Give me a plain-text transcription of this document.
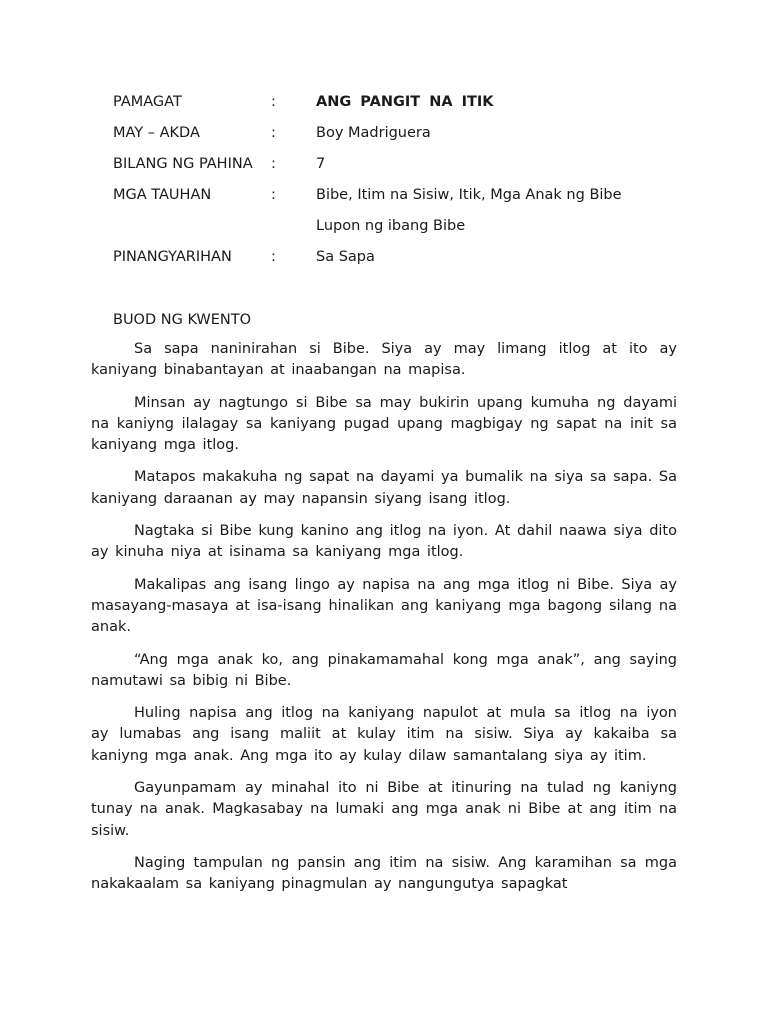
PAMAGAT	:	ANG PANGIT NA ITIK
MAY – AKDA	:	Boy Madriguera
BILANG NG PAHINA :	7
MGA TAUHAN	:	Bibe, Itim na Sisiw, Itik, Mga Anak ng Bibe
Lupon ng ibang Bibe
PINANGYARIHAN	:	Sa Sapa
BUOD NG KWENTO

Sa sapa naninirahan si Bibe. Siya ay may limang itlog at ito ay kaniyang binabantayan at inaabangan na mapisa.

Minsan ay nagtungo si Bibe sa may bukirin upang kumuha ng dayami na kaniyng ilalagay sa kaniyang pugad upang magbigay ng sapat na init sa kaniyang mga itlog.

Matapos makakuha ng sapat na dayami ya bumalik na siya sa sapa. Sa kaniyang daraanan ay may napansin siyang isang itlog.

Nagtaka si Bibe kung kanino ang itlog na iyon. At dahil naawa siya dito ay kinuha niya at isinama sa kaniyang mga itlog.

Makalipas ang isang lingo ay napisa na ang mga itlog ni Bibe. Siya ay masayang-masaya at isa-isang hinalikan ang kaniyang mga bagong silang na anak.

“Ang mga anak ko, ang pinakamamahal kong mga anak”, ang saying namutawi sa bibig ni Bibe.

Huling napisa ang itlog na kaniyang napulot at mula sa itlog na iyon ay lumabas ang isang maliit at kulay itim na sisiw. Siya ay kakaiba sa kaniyng mga anak. Ang mga ito ay kulay dilaw samantalang siya ay itim.

Gayunpamam ay minahal ito ni Bibe at itinuring na tulad ng kaniyng tunay na anak. Magkasabay na lumaki ang mga anak ni Bibe at ang itim na sisiw.

Naging tampulan ng pansin ang itim na sisiw. Ang karamihan sa mga nakakaalam sa kaniyang pinagmulan ay nangungutya sapagkat
